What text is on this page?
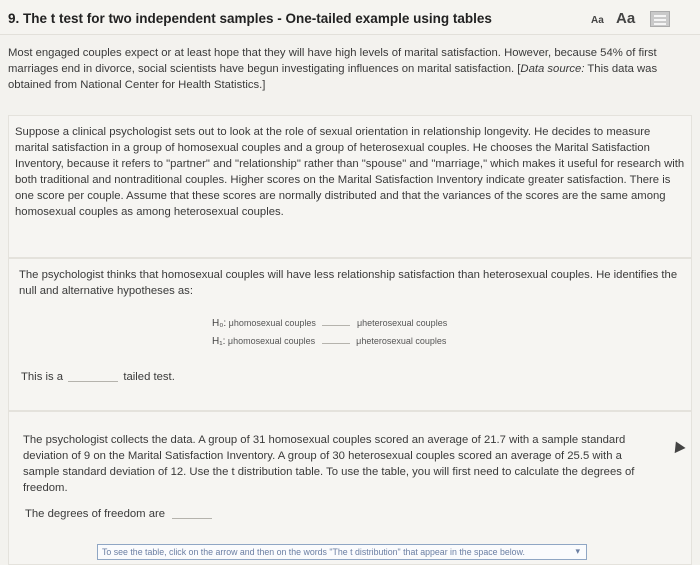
9. The t test for two independent samples - One-tailed example using tables	Aa Aa
Most engaged couples expect or at least hope that they will have high levels of marital satisfaction. However, because 54% of first marriages end in divorce, social scientists have begun investigating influences on marital satisfaction. [Data source: This data was obtained from National Center for Health Statistics.]

Suppose a clinical psychologist sets out to look at the role of sexual orientation in relationship longevity. He decides to measure marital satisfaction in a group of homosexual couples and a group of heterosexual couples. He chooses the Marital Satisfaction Inventory, because it refers to "partner" and "relationship" rather than "spouse" and "marriage," which makes it useful for research with both traditional and nontraditional couples. Higher scores on the Marital Satisfaction Inventory indicate greater satisfaction. There is one score per couple. Assume that these scores are normally distributed and that the variances of the scores are the same among homosexual couples as among heterosexual couples.

The psychologist thinks that homosexual couples will have less relationship satisfaction than heterosexual couples. He identifies the null and alternative hypotheses as:

H₀: μhomosexual couples	μheterosexual couples
H₁: μhomosexual couples	μheterosexual couples
This is a	tailed test.

The psychologist collects the data. A group of 31 homosexual couples scored an average of 21.7 with a sample standard deviation of 9 on the Marital Satisfaction Inventory. A group of 30 heterosexual couples scored an average of 25.5 with a sample standard deviation of 12. Use the t distribution table. To use the table, you will first need to calculate the degrees of freedom.

The degrees of freedom are
To see the table, click on the arrow and then on the words "The t distribution" that appear in the space below.	▾
